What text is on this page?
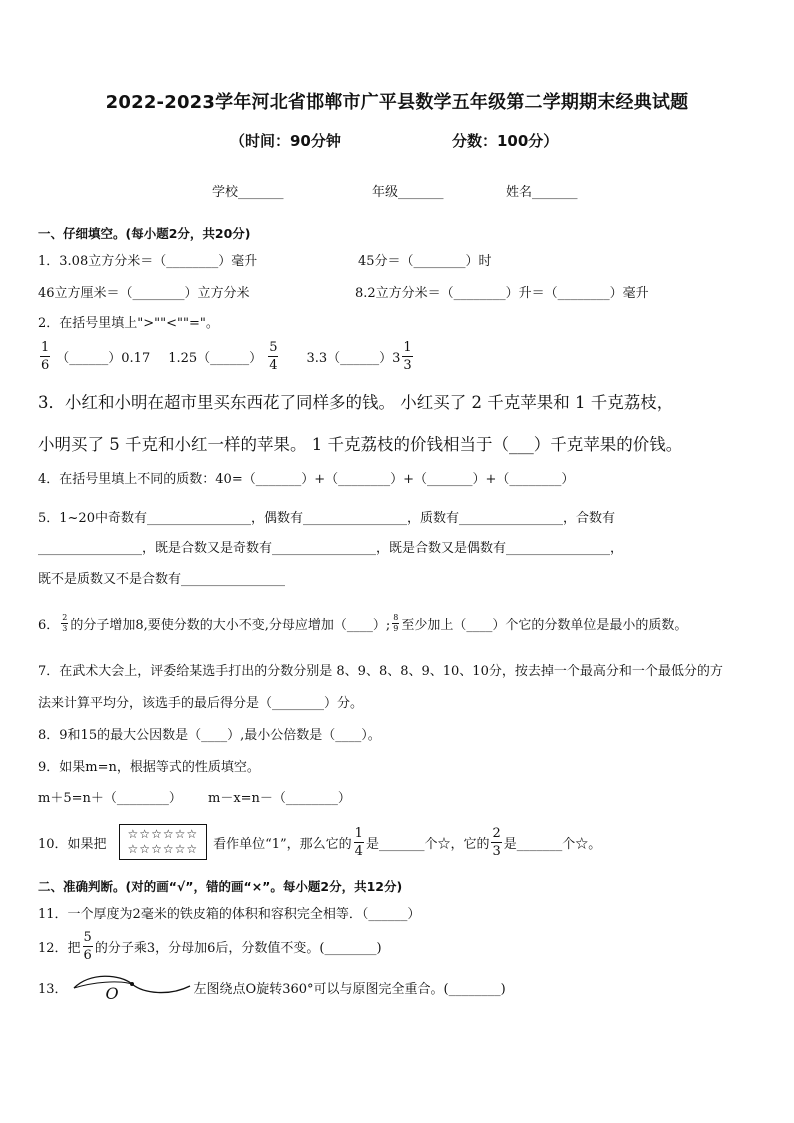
2022-2023学年河北省邯郸市广平县数学五年级第二学期期末经典试题
（时间：90分钟	分数：100分）
学校_______	年级_______	姓名_______
一、仔细填空。(每小题2分，共20分)
1．3.08立方分米＝（________）毫升	45分＝（________）时
46立方厘米＝（________）立方分米	8.2立方分米＝（________）升＝（________）毫升
2．在括号里填上">""<""="。
$\frac{1}{6}$ （______）0.17 1.25（______） $\frac{5}{4}$ 3.3（______）3 $\frac{1}{3}$
3．小红和小明在超市里买东西花了同样多的钱。 小红买了 2 千克苹果和 1 千克荔枝，
小明买了 5 千克和小红一样的苹果。 1 千克荔枝的价钱相当于（___）千克苹果的价钱。
4．在括号里填上不同的质数：40=（_______）+（________）+（_______）+（________）
5．1~20中奇数有________________，偶数有________________，质数有________________，合数有
________________，既是合数又是奇数有________________，既是合数又是偶数有________________，
既不是质数又不是合数有________________
6． $\frac{2}{3}$ 的分子增加8,要使分数的大小不变,分母应增加（____）; $\frac{8}{9}$ 至少加上（____）个它的分数单位是最小的质数。
7．在武术大会上，评委给某选手打出的分数分别是 8、9、8、8、9、10、10分，按去掉一个最高分和一个最低分的方
法来计算平均分，该选手的最后得分是（________）分。
8．9和15的最大公因数是（____）,最小公倍数是（____）。
9．如果m=n，根据等式的性质填空。
m＋5=n＋（________） m－x=n－（________）
10．如果把
☆☆☆☆☆☆
☆☆☆☆☆☆ 看作单位“1”，那么它的 $\frac{1}{4}$ 是_______个☆，它的 $\frac{2}{3}$ 是_______个☆。
二、准确判断。(对的画“√”，错的画“×”。每小题2分，共12分)
11．一个厚度为2毫米的铁皮箱的体积和容积完全相等．（______）
12．把 $\frac{5}{6}$ 的分子乘3，分母加6后，分数值不变。(________)
13． O	左图绕点O旋转360°可以与原图完全重合。(________)
